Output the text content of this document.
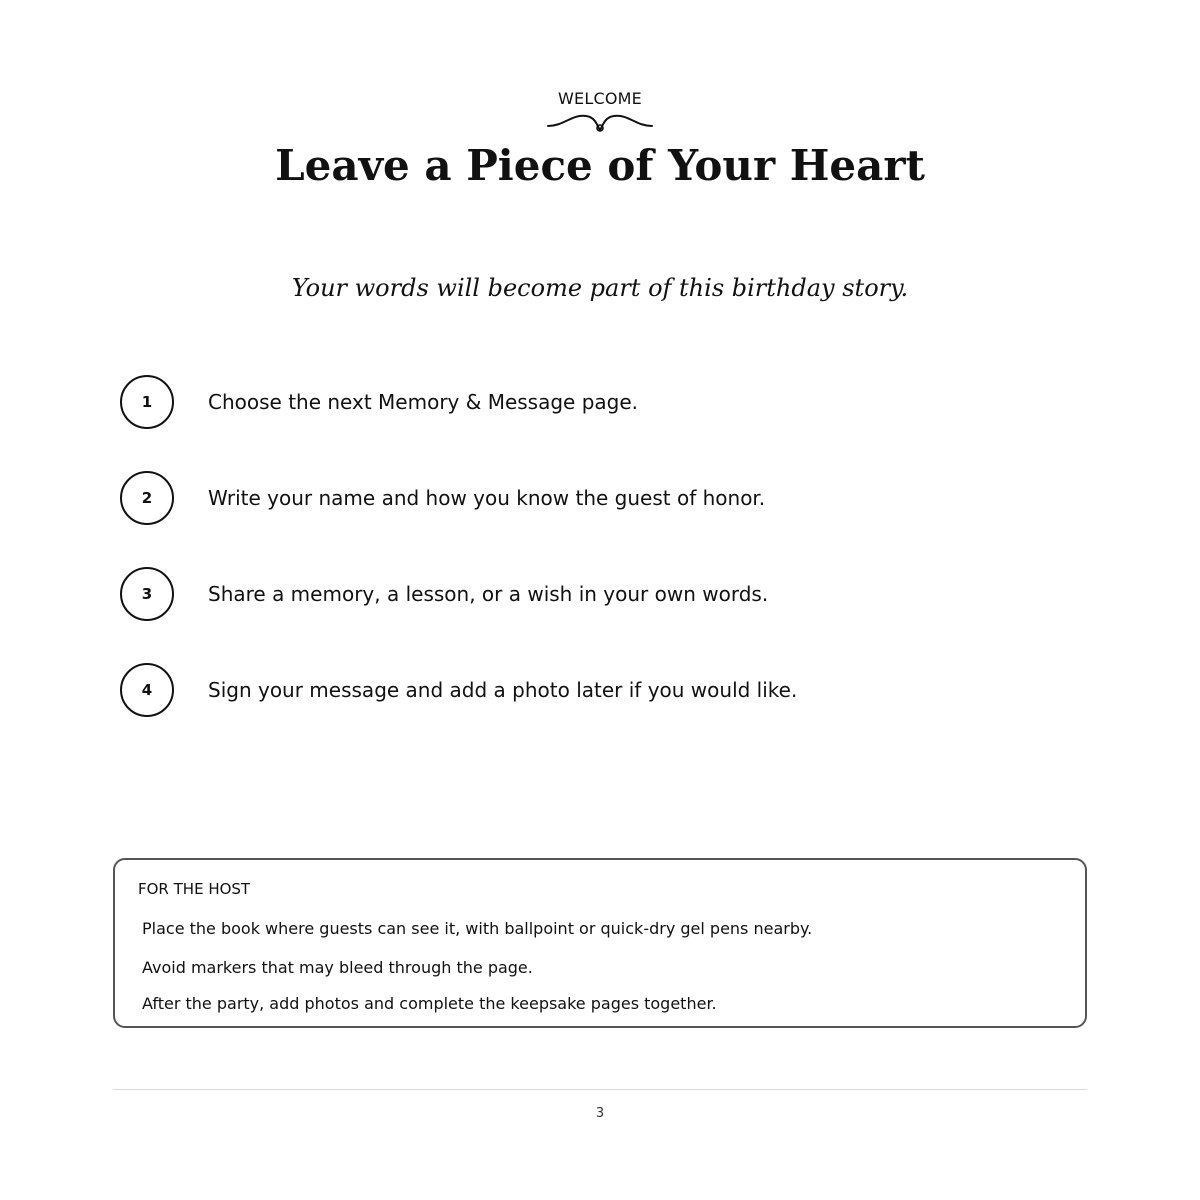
WELCOME
Leave a Piece of Your Heart
Your words will become part of this birthday story.
1	Choose the next Memory & Message page.
2	Write your name and how you know the guest of honor.
3	Share a memory, a lesson, or a wish in your own words.
4	Sign your message and add a photo later if you would like.
FOR THE HOST
Place the book where guests can see it, with ballpoint or quick-dry gel pens nearby.
Avoid markers that may bleed through the page.
After the party, add photos and complete the keepsake pages together.
3
